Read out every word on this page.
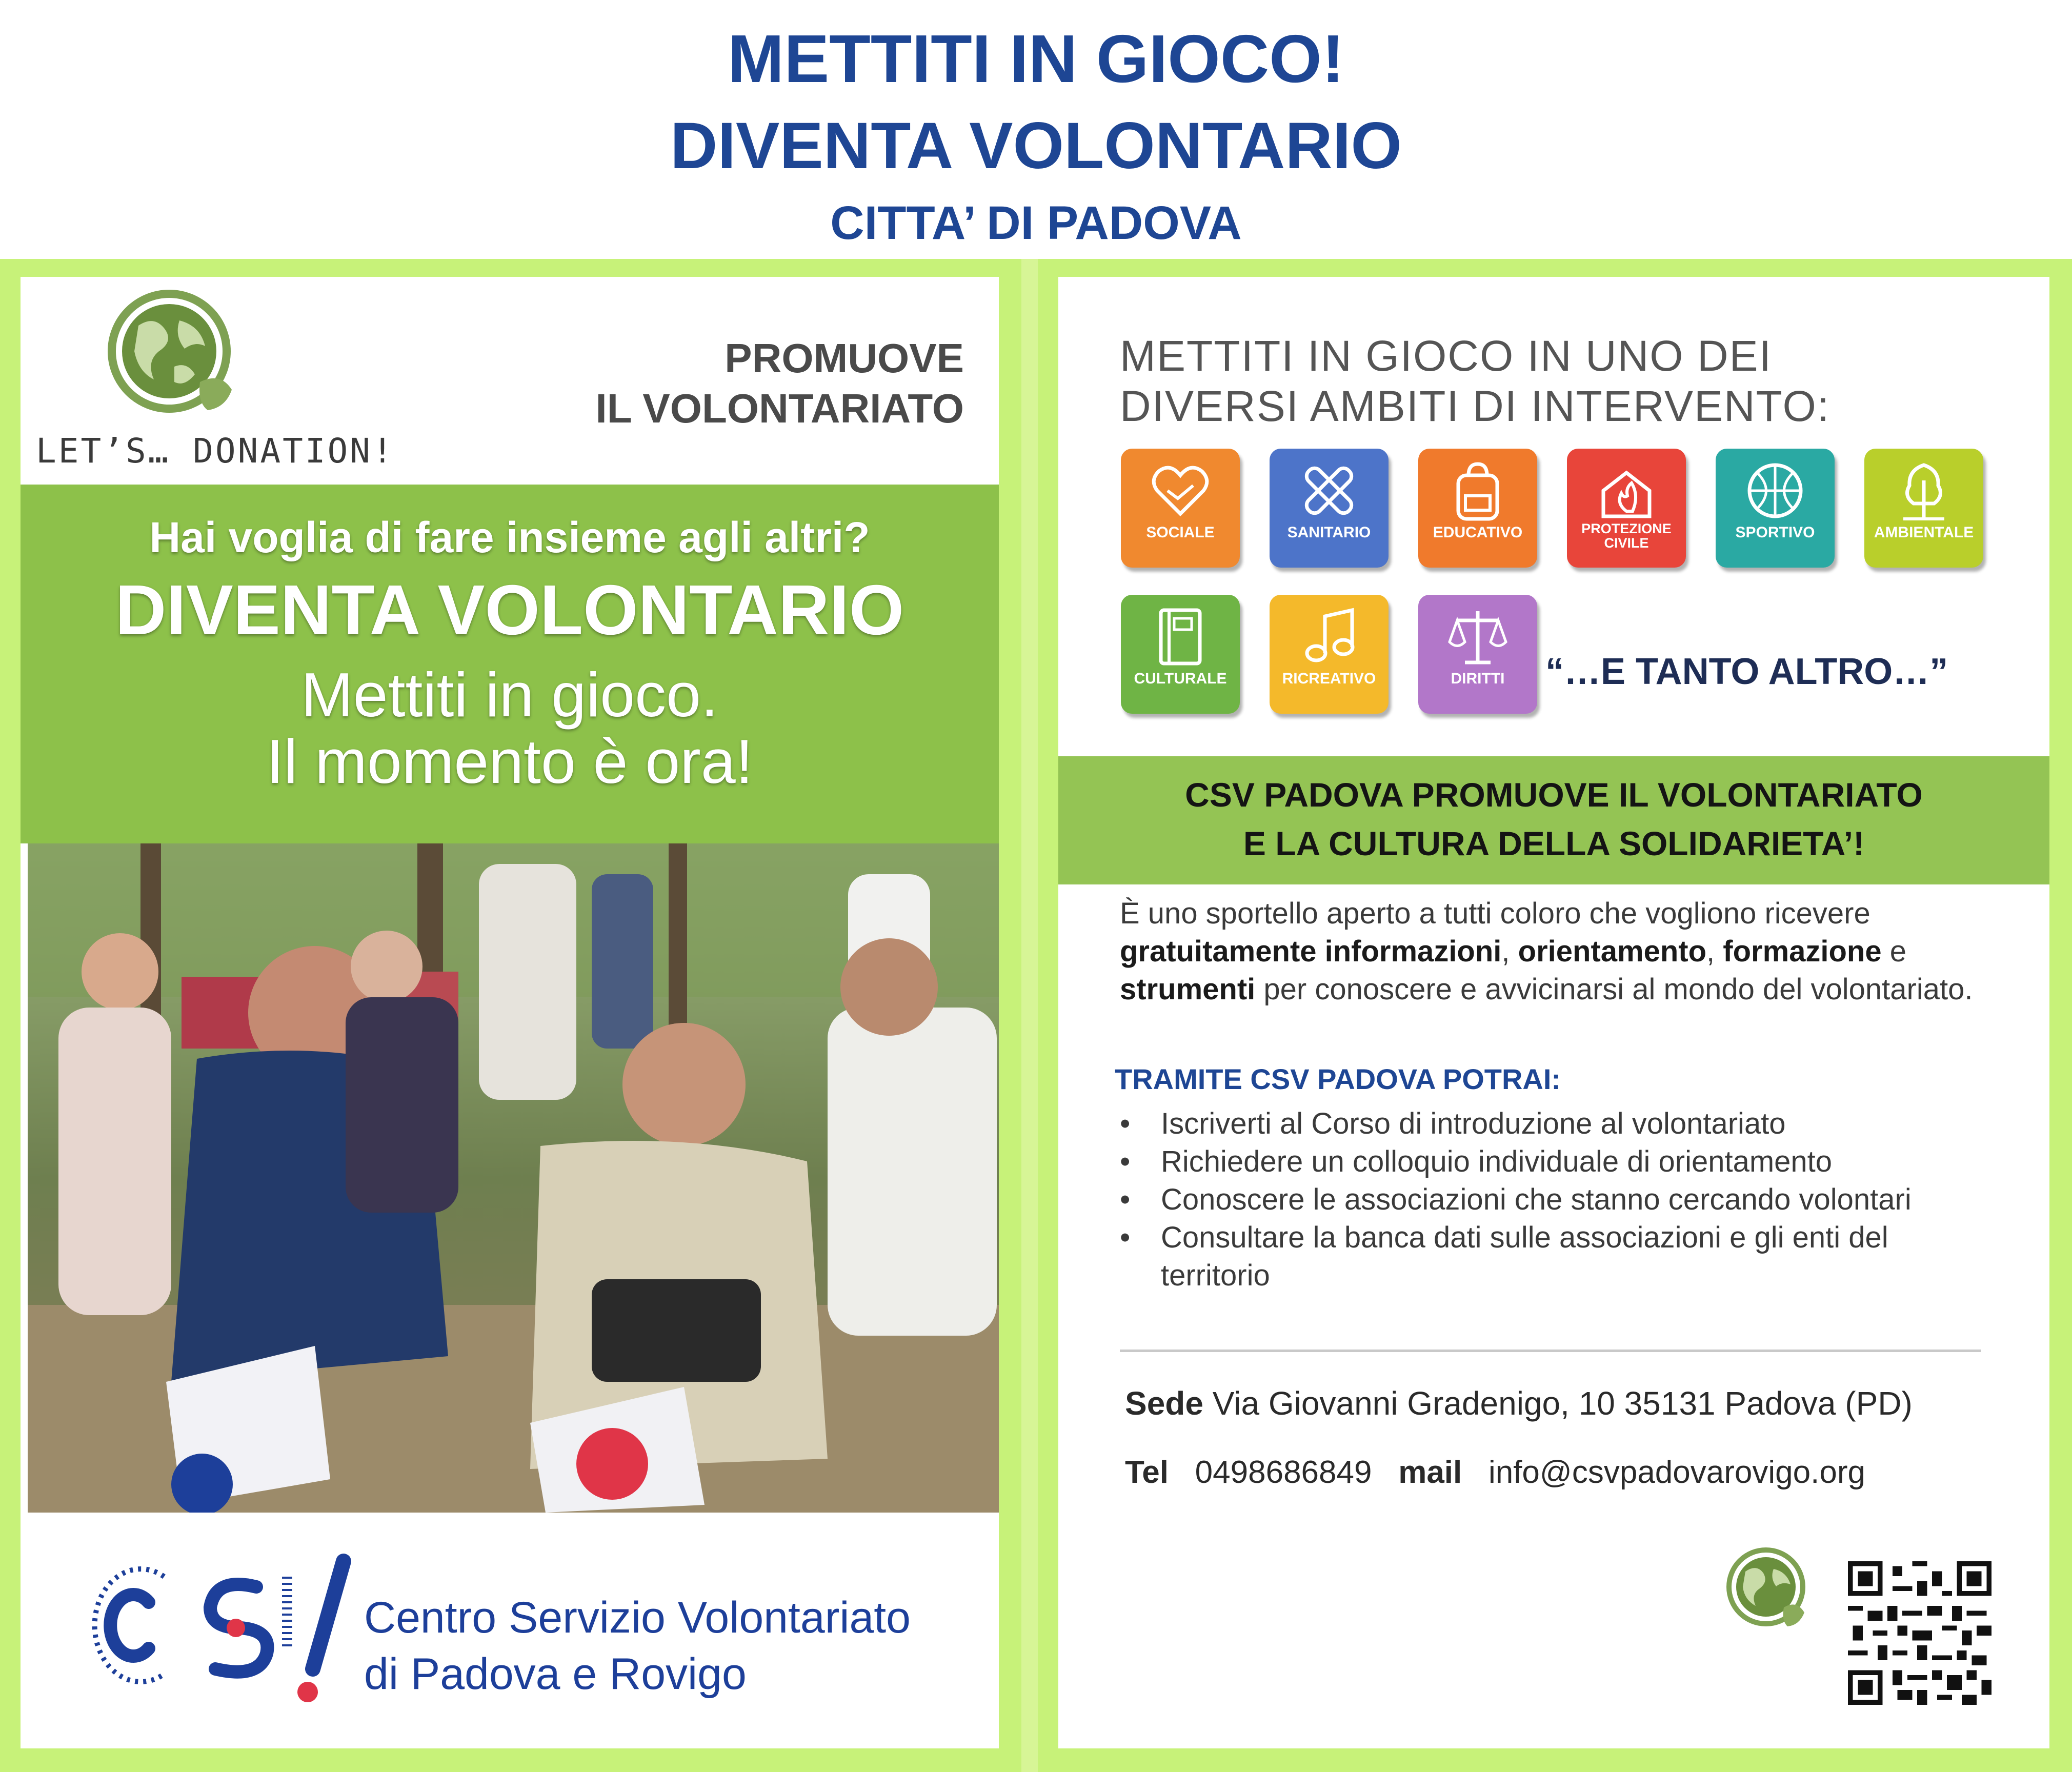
METTITI IN GIOCO!
DIVENTA VOLONTARIO
CITTA’ DI PADOVA
LET’S… DONATION!
PROMUOVE
IL VOLONTARIATO
Hai voglia di fare insieme agli altri?
DIVENTA VOLONTARIO
Mettiti in gioco.
Il momento è ora!
Centro Servizio Volontariato
di Padova e Rovigo
METTITI IN GIOCO IN UNO DEI
DIVERSI AMBITI DI INTERVENTO:
SOCIALE	SANITARIO	EDUCATIVO	PROTEZIONE CIVILE
SPORTIVO	AMBIENTALE
CULTURALE	RICREATIVO	DIRITTI	“…E TANTO ALTRO…”
CSV PADOVA PROMUOVE IL VOLONTARIATO
E LA CULTURA DELLA SOLIDARIETA’!
È uno sportello aperto a tutti coloro che vogliono ricevere gratuitamente informazioni, orientamento, formazione e strumenti per conoscere e avvicinarsi al mondo del volontariato.
TRAMITE CSV PADOVA POTRAI:
•	Iscriverti al Corso di introduzione al volontariato
•	Richiedere un colloquio individuale di orientamento
•	Conoscere le associazioni che stanno cercando volontari
•	Consultare la banca dati sulle associazioni e gli enti del territorio
Sede Via Giovanni Gradenigo, 10 35131 Padova (PD)
Tel 0498686849 mail info@csvpadovarovigo.org
